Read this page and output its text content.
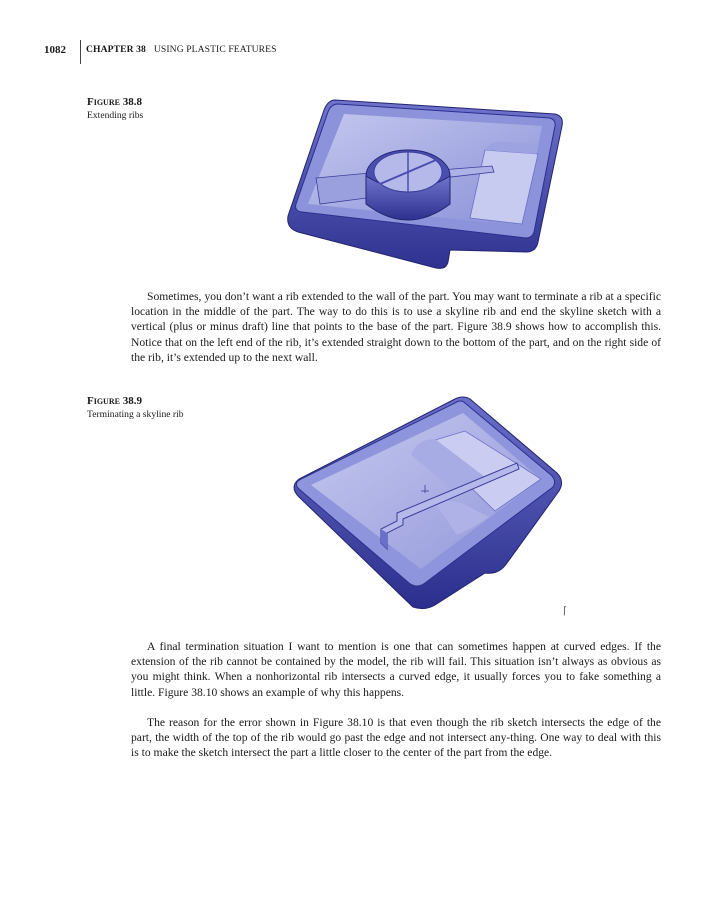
1082	CHAPTER 38 USING PLASTIC FEATURES
Figure 38.8
Extending ribs

Sometimes, you don’t want a rib extended to the wall of the part. You may want to terminate a rib at a specific location in the middle of the part. The way to do this is to use a skyline rib and end the skyline sketch with a vertical (plus or minus draft) line that points to the base of the part. Figure 38.9 shows how to accomplish this. Notice that on the left end of the rib, it’s extended straight down to the bottom of the part, and on the right side of the rib, it’s extended up to the next wall.

Figure 38.9
Terminating a skyline rib
⌈

A final termination situation I want to mention is one that can sometimes happen at curved edges. If the extension of the rib cannot be contained by the model, the rib will fail. This situation isn’t always as obvious as you might think. When a nonhorizontal rib intersects a curved edge, it usually forces you to fake something a little. Figure 38.10 shows an example of why this happens.

The reason for the error shown in Figure 38.10 is that even though the rib sketch intersects the edge of the part, the width of the top of the rib would go past the edge and not intersect any-thing. One way to deal with this is to make the sketch intersect the part a little closer to the center of the part from the edge.
